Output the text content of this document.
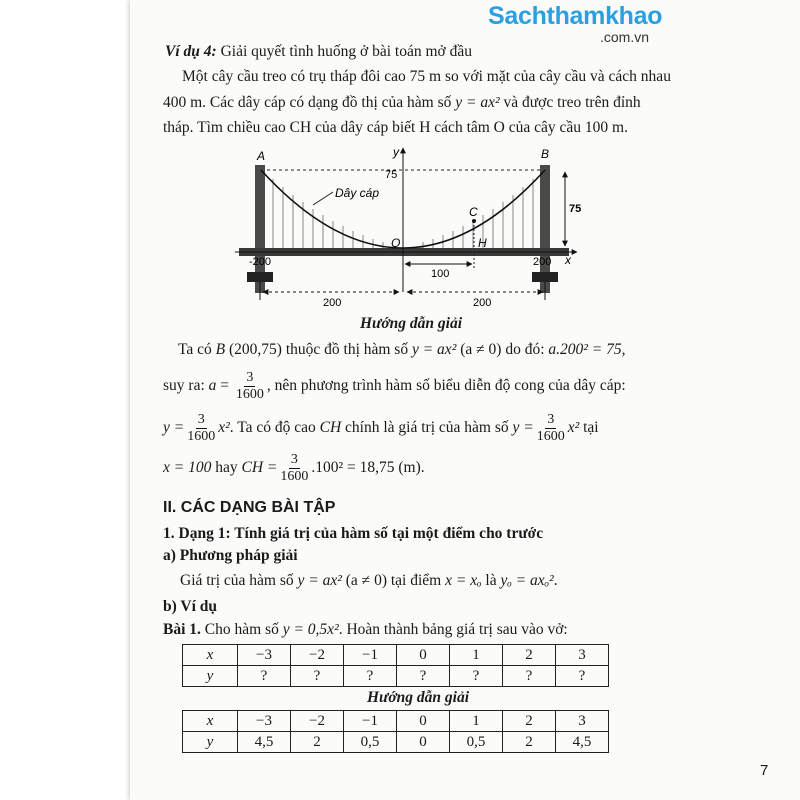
Sachthamkhao
.com.vn
Ví dụ 4: Giải quyết tình huống ở bài toán mở đầu
Một cây cầu treo có trụ tháp đôi cao 75 m so với mặt của cây cầu và cách nhau
400 m. Các dây cáp có dạng đồ thị của hàm số y = ax² và được treo trên đỉnh
tháp. Tìm chiều cao CH của dây cáp biết H cách tâm O của cây cầu 100 m.
A	B
y
x
75
75
Dây cáp
C
O	H
-200	200
100
200	200
Hướng dẫn giải
Ta có B (200,75) thuộc đồ thị hàm số y = ax² (a ≠ 0) do đó: a.200² = 75,
suy ra: $a = \frac{3}{1600}$ , nên phương trình hàm số biểu diễn độ cong của dây cáp:
$y = \frac{3}{1600} x^2$. Ta có độ cao CH chính là giá trị của hàm số $y = \frac{3}{1600} x^2$ tại
x = 100 hay CH = $\frac{3}{1600} .100^2 = 18,75$ (m).
II. CÁC DẠNG BÀI TẬP
1. Dạng 1: Tính giá trị của hàm số tại một điểm cho trước
a) Phương pháp giải
Giá trị của hàm số y = ax² (a ≠ 0) tại điểm x = xₒ là yₒ = axₒ².
b) Ví dụ
Bài 1. Cho hàm số y = 0,5x². Hoàn thành bảng giá trị sau vào vở:
x	−3	−2	−1	0	1	2	3
y	?	?	?	?	?	?	?
Hướng dẫn giải
x	−3	−2	−1	0	1	2	3
y	4,5	2	0,5	0	0,5	2	4,5
7
